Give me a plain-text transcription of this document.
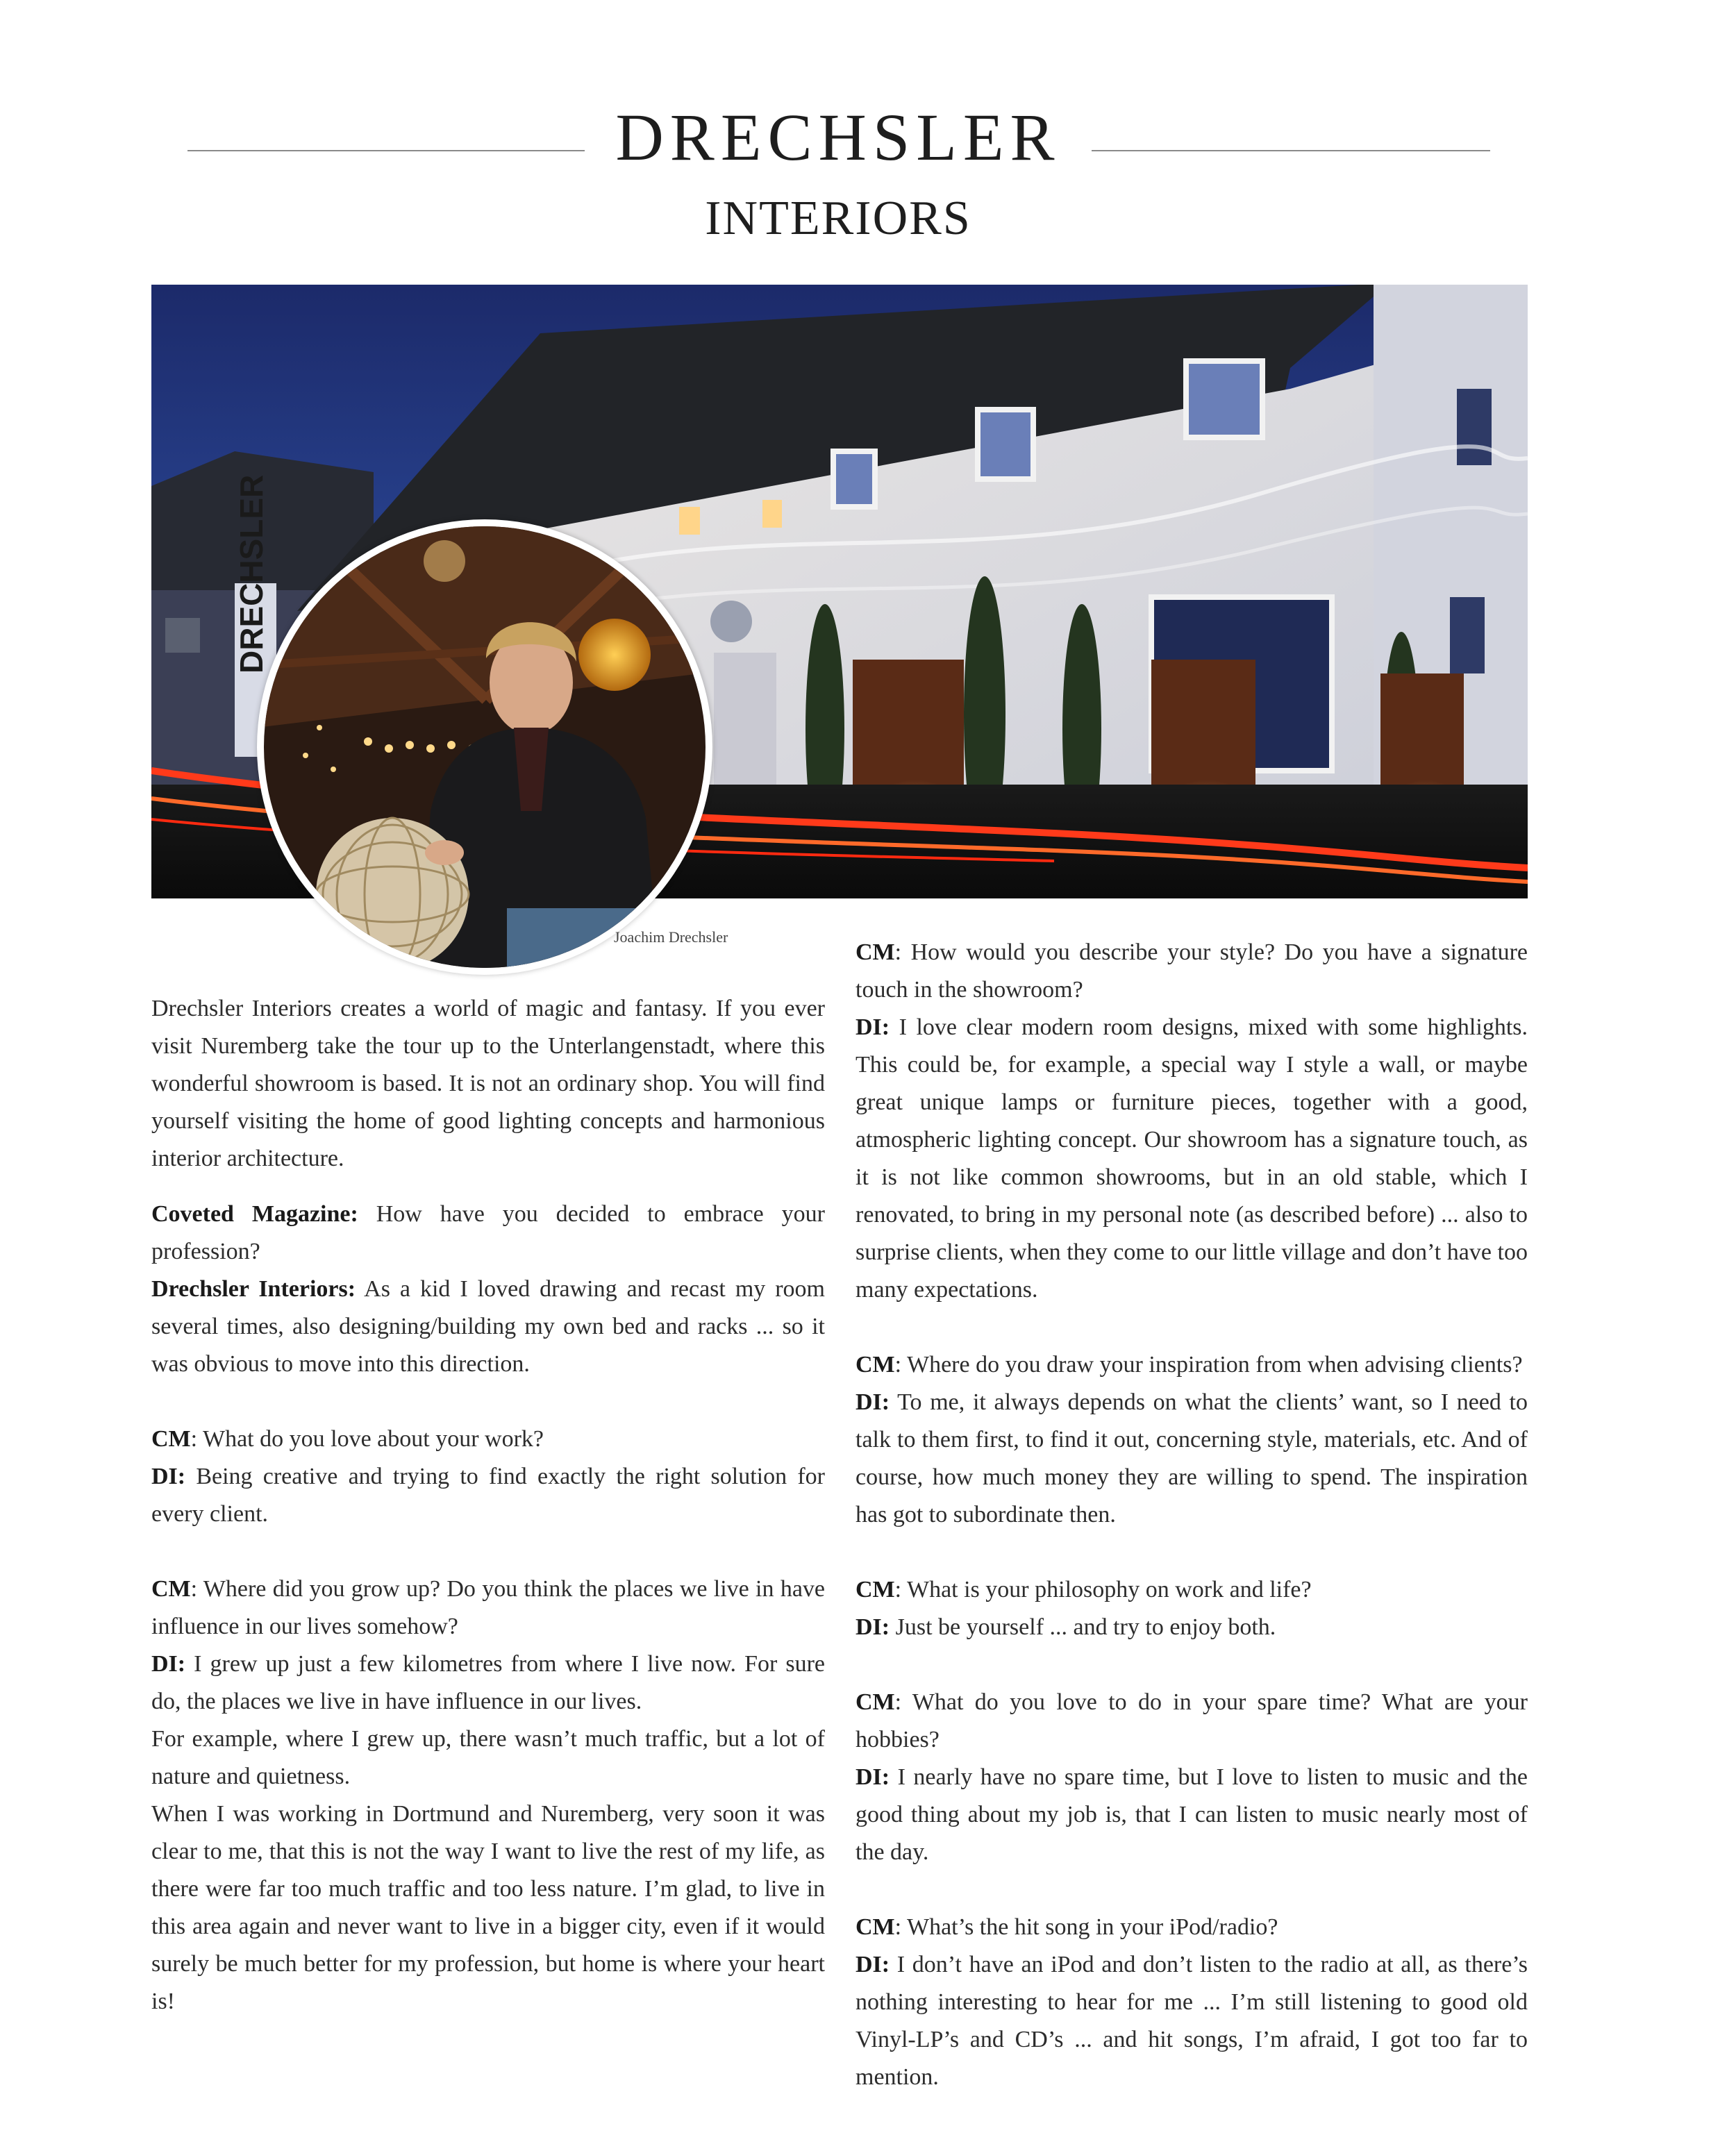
DRECHSLER
INTERIORS
DRECHSLER
Joachim Drechsler

Drechsler Interiors creates a world of magic and fantasy. If you ever visit Nuremberg take the tour up to the Unterlangenstadt, where this wonderful showroom is based. It is not an ordinary shop. You will find yourself visiting the home of good lighting concepts and harmonious interior architecture.

Coveted Magazine: How have you decided to embrace your profession?

Drechsler Interiors: As a kid I loved drawing and recast my room several times, also designing/building my own bed and racks ... so it was obvious to move into this direction.

CM: What do you love about your work?

DI: Being creative and trying to find exactly the right solution for every client.

CM: Where did you grow up? Do you think the places we live in have influence in our lives somehow?

DI: I grew up just a few kilometres from where I live now. For sure do, the places we live in have influence in our lives.

For example, where I grew up, there wasn’t much traffic, but a lot of nature and quietness.

When I was working in Dortmund and Nuremberg, very soon it was clear to me, that this is not the way I want to live the rest of my life, as there were far too much traffic and too less nature. I’m glad, to live in this area again and never want to live in a bigger city, even if it would surely be much better for my profession, but home is where your heart is!

CM: How would you describe your style? Do you have a signature touch in the showroom?

DI: I love clear modern room designs, mixed with some highlights. This could be, for example, a special way I style a wall, or maybe great unique lamps or furniture pieces, together with a good, atmospheric lighting concept. Our showroom has a signature touch, as it is not like common showrooms, but in an old stable, which I renovated, to bring in my personal note (as described before) ... also to surprise clients, when they come to our little village and don’t have too many expectations.

CM: Where do you draw your inspiration from when advising clients?

DI: To me, it always depends on what the clients’ want, so I need to talk to them first, to find it out, concerning style, materials, etc. And of course, how much money they are willing to spend. The inspiration has got to subordinate then.

CM: What is your philosophy on work and life?

DI: Just be yourself ... and try to enjoy both.

CM: What do you love to do in your spare time? What are your hobbies?

DI: I nearly have no spare time, but I love to listen to music and the good thing about my job is, that I can listen to music nearly most of the day.

CM: What’s the hit song in your iPod/radio?

DI: I don’t have an iPod and don’t listen to the radio at all, as there’s nothing interesting to hear for me ... I’m still listening to good old Vinyl-LP’s and CD’s ... and hit songs, I’m afraid, I got too far to mention.
